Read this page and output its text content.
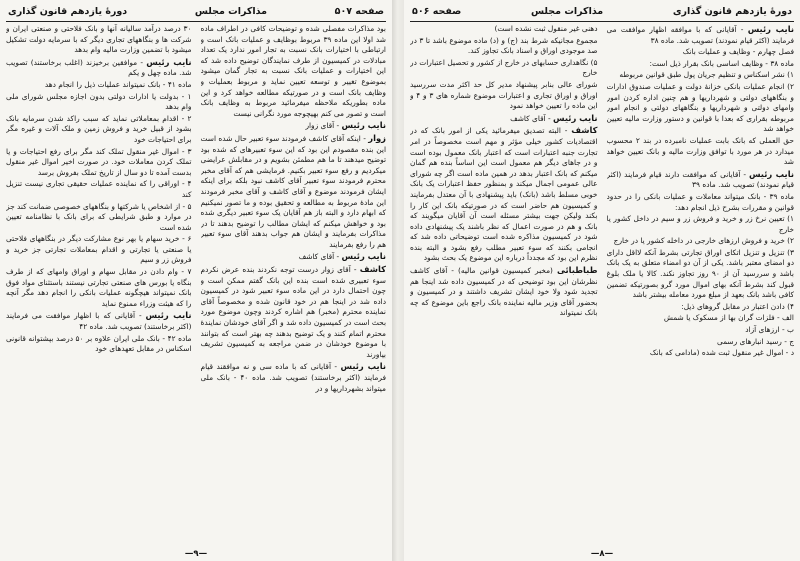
صفحه ۵۰۷
مذاکرات مجلس
دورهٔ یازدهم قانون گذاری

بود مذاکرات مفصلی شده و توضیحات کافی در اطراف ماده شد اولا این ماده ۳۹ مربوط بوظایف و عملیات بانک است و ارتباطی با اختیارات بانک نسبت به تجار امور ندارد یک تعداد مبادلات در کمیسیون از طرف نمایندگان توضیح داده شد که این اختیارات و عملیات بانک نسبت به تجار گمان میشود بموضوع تغییر و توسعه تعیین نماید و مربوط بعملیات و وظایف بانک است و در صورتیکه مطالعه خواهد کرد و این ماده بطوریکه ملاحظه میفرمائید مربوط به وظایف بانک است و تصور می کنم بهیچوجه مورد نگرانی نیست

نایب رئیس - آقای زوار

زوار - اینکه آقای کاشف فرمودند سوء تعبیر حال شده است این بنده مقصودم این بود که این سوء تعبیرهای که شده بود توضیح میدهند تا ما هم مطمئن بشویم و در مقابلش عرایضی میکردیم و رفع سوء تعبیر بکنیم. فرمایشی هم که آقای مخبر محترم فرمودند سوء تعبیر آقای کاشف نبود بلکه برای اینکه ایشان فرمودند موضوع و آقای کاشف و آقای مخبر فرمودند این مادهٔ مربوط به مطالعه و تحقیق بوده و ما تصور نمیکنیم که ابهام دارد و البته باز هم آقایان یک سوء تعبیر دیگری شده بود و خواهش میکنم که ایشان مطالب را توضیح بدهند تا در مذاکرات بفرمایند و ایشان هم جواب بدهند آقای سوء تعبیر هم را رفع بفرمایند

نایب رئیس - آقای کاشف

کاشف - آقای زوار درست توجه نکردند بنده عرض نکردم سوء تعبیری شده است بنده این بانک گفتم ممکن است و چون احتمال دارد در این ماده سوء تعبیر شود در کمیسیون داده شد در اینجا هم در خود قانون شده و مخصوصاً آقای نماینده محترم (مخبر) هم اشاره کردند وچون موضوع مورد بحث است در کمیسیون داده شد و اگر آقای خودشان نمایندهٔ محترم اتمام کنند و یک توضیح بدهند چه بهتر است که بتوانند با موضوع خودشان در ضمن مراجعه به کمیسیون تشریف بیاورند

نایب رئیس - آقایانی که با ماده سی و نه موافقند قیام فرمایند (اکثر برخاستند) تصویب شد. ماده ۴۰ - بانک ملی میتواند بشهرداریها و در

۳۰ درصد درآمد سالیانه آنها و بانک فلاحتی و صنعتی ایران و شرکت ها و بنگاههای تجاری دیگر که با سرمایه دولت تشکیل میشود با تضمین وزارت مالیه وام بدهد

نایب رئیس - موافقین برخیزند (اغلب برخاستند) تصویب شد. ماده چهل و یکم

ماده ۴۱ - بانک نمیتواند عملیات ذیل را انجام دهد

۱ - بدولت یا ادارات دولتی بدون اجازه مجلس شورای ملی وام بدهد

۲ - اقدام بمعاملاتی نماید که سبب راکد شدن سرمایه بانک بشود از قبیل خرید و فروش زمین و ملک آلات و غیره مگر برای احتیاجات خود

۳ - اموال غیر منقول تملک کند مگر برای رفع احتیاجات و یا تملک کردن معاملات خود. در صورت اخیر اموال غیر منقول بدست آمده تا دو سال از تاریخ تملک بفروش برسد

۴ - اوراقی را که نماینده عملیات حقیقی تجاری نیست تنزیل کند

۵ - از اشخاص یا شرکتها و بنگاههای خصوصی ضمانت کند جز در موارد و طبق شرایطی که برای بانک با نظامنامه تعیین شده است

۶ - خرید سهام یا بهر نوع مشارکت دیگر در بنگاههای فلاحتی یا صنعتی یا تجارتی و اقدام بمعاملات تجارتی جز خرید و فروش زر و سیم

۷ - وام دادن در مقابل سهام و اوراق وامهای که از طرف بنگاه یا بورس های صنعتی تجارتی نیستند باستثنای مواد فوق بانک نمیتواند هیچگونه عملیات بانکی را انجام دهد مگر آنچه را که هیئت وزراء ممنوع نماید

نایب رئیس - آقایانی که با اظهار موافقت می فرمایند (اکثر برخاستند) تصویب شد. ماده ۴۲

ماده ۴۲ - بانک ملی ایران علاوه بر ۵۰ درصد بپشتوانه قانونی اسکناس در مقابل تعهدهای خود

—۹—
دورهٔ یازدهم قانون گذاری
مذاکرات مجلس
صفحه ۵۰۶

نایب رئیس - آقایانی که با موافقه اظهار موافقت می فرمایند (اکثر قیام نمودند) تصویب شد. ماده ۳۸

فصل چهارم - وظایف و عملیات بانک

ماده ۳۸ - وظایف اساسی بانک بقرار ذیل است:

۱) نشر اسکناس و تنظیم جریان پول طبق قوانین مربوطه

۲) انجام عملیات بانکی خزانهٔ دولت و عملیات صندوق ادارات و بنگاههای دولتی و شهرداریها و هم چنین اداره کردن امور وامهای دولتی و شهرداریها و بنگاههای دولتی و انجام امور مربوطه بقراری که بعدا با قوانین و دستور وزارت مالیه تعیین خواهد شد

حق العملی که بانک بابت عملیات نامبرده در بند ۲ محسوب میدارد در هر مورد با توافق وزارت مالیه و بانک تعیین خواهد شد

نایب رئیس - آقایانی که موافقت دارند قیام فرمایند (اکثر قیام نمودند) تصویب شد. ماده ۳۹

ماده ۳۹ - بانک میتواند معاملات و عملیات بانکی را در حدود قوانین و مقررات بشرح ذیل انجام دهد:

۱) تعیین نرخ زر و خرید و فروش زر و سیم در داخل کشور یا خارج

۲) خرید و فروش ارزهای خارجی در داخله کشور یا در خارج

۳) تنزیل و تنزیل اتکای اوراق تجارتی بشرط آنکه لااقل دارای دو امضای معتبر باشد. یکی از آن دو امضاء متعلق به یک بانک باشد و سررسید آن از ۹۰ روز تجاوز نکند. کالا یا ملک بلوغ قبول کند بشرط آنکه بهای اموال مورد گرو بصورتیکه تضمین کافی باشد بانک بعهد از مبلغ مورد معامله بیشتر باشد

۴) دادن اعتبار در مقابل گروهای ذیل:

الف - فلزات گران بها از مسکوک یا شمش

ب - ارزهای آزاد

ج - رسید انبارهای رسمی

د - اموال غیر منقول ثبت شده (مادامی که بانک

دهنی غیر منقول ثبت نشده است)

مجموع مجانیکه شرط بند (ج) و (د) ماده موضوع باشد تا ۳ در صد موجودی اوراق و اسناد بانک تجاوز کند.

۵) نگاهداری حسابهای در خارج از کشور و تحصیل اعتبارات در خارج

شورای عالی بنابر پیشنهاد مدیر کل حد اکثر مدت سررسید اوراق و اوراق تجاری و اعتبارات موضوع شماره های ۳ و ۴ و این ماده را تعیین خواهد نمود

نایب رئیس - آقای کاشف

کاشف - البته تصدیق میفرمائید یکی از امور بانک که در اقتصادیات کشور خیلی مؤثر و مهم است مخصوصاً در امر تجارت جنبه اعتبارات است که اعتبار بانک معمول بوده است و در جاهای دیگر هم معمول است این اساساً بنده هم گمان میکنم که بانک اعتبار بدهد در همین ماده است اگر چه شورای عالی عمومی اجمال میکند و بمنظور حفظ اعتبارات یک بانک خوبی مسلط باشد (بانک) باید پیشنهادی با آن معتدل بفرمایند و کمیسیون هم حاضر است که در صورتیکه بانک این کار را بکند ولیکن جهت بیشتر مسئله است آن آقایان میگویند که بانک و هم در صورت اعمال که نظر باشند یک پیشنهادی داده شود در کمیسیون مذاکره شده است توضیحاتی داده شد که انجامی بکنند که سوء تعبیر مطلب رفع بشود و البته بنده نظرم این بود که مجدداً درباره این موضوع یک بحث بشود

طباطبائی (مخبر کمیسیون قوانین مالیه) - آقای کاشف نظرشان این بود توضیحی که در کمیسیون داده شد اینجا هم تجدید شود ولا خود ایشان تشریف داشتند و در کمیسیون و بحضور آقای وزیر مالیه نماینده بانک راجع باین موضوع که چه بانک نمیتواند

—۸—
